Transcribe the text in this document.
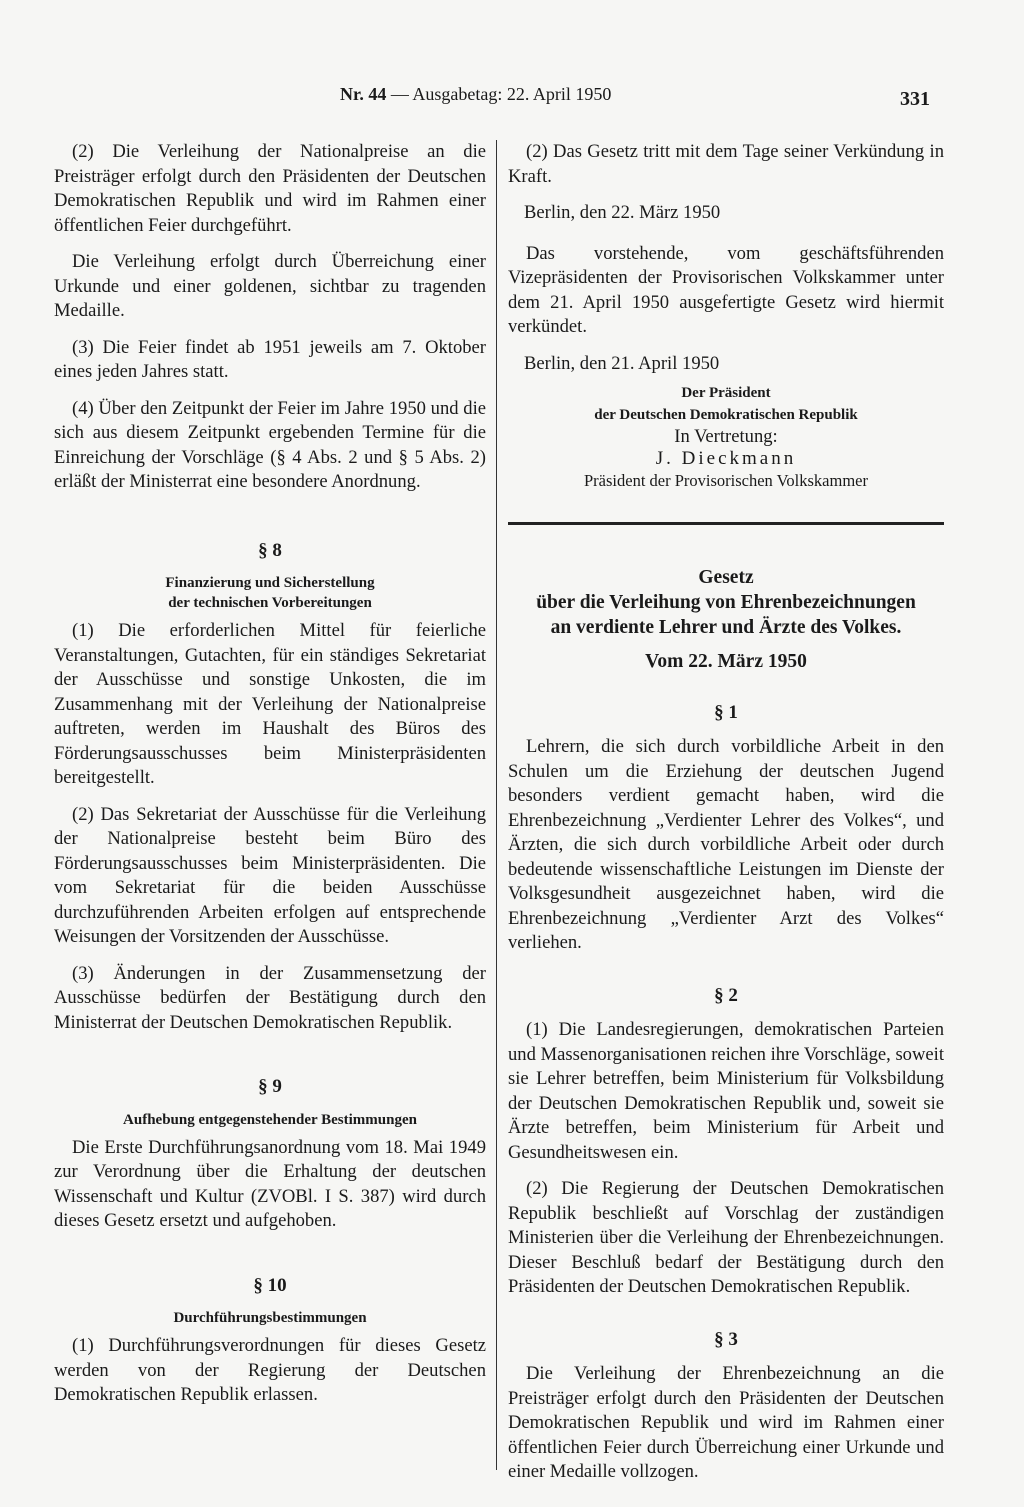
Nr. 44 — Ausgabetag: 22. April 1950	331

(2) Die Verleihung der Nationalpreise an die Preisträger erfolgt durch den Präsidenten der Deutschen Demokratischen Republik und wird im Rahmen einer öffentlichen Feier durchgeführt.

Die Verleihung erfolgt durch Überreichung einer Urkunde und einer goldenen, sichtbar zu tragenden Medaille.

(3) Die Feier findet ab 1951 jeweils am 7. Oktober eines jeden Jahres statt.

(4) Über den Zeitpunkt der Feier im Jahre 1950 und die sich aus diesem Zeitpunkt ergebenden Termine für die Einreichung der Vorschläge (§ 4 Abs. 2 und § 5 Abs. 2) erläßt der Ministerrat eine besondere Anordnung.

§ 8
Finanzierung und Sicherstellung
der technischen Vorbereitungen

(1) Die erforderlichen Mittel für feierliche Veranstaltungen, Gutachten, für ein ständiges Sekretariat der Ausschüsse und sonstige Unkosten, die im Zusammenhang mit der Verleihung der Nationalpreise auftreten, werden im Haushalt des Büros des Förderungsausschusses beim Ministerpräsidenten bereitgestellt.

(2) Das Sekretariat der Ausschüsse für die Verleihung der Nationalpreise besteht beim Büro des Förderungsausschusses beim Ministerpräsidenten. Die vom Sekretariat für die beiden Ausschüsse durchzuführenden Arbeiten erfolgen auf entsprechende Weisungen der Vorsitzenden der Ausschüsse.

(3) Änderungen in der Zusammensetzung der Ausschüsse bedürfen der Bestätigung durch den Ministerrat der Deutschen Demokratischen Republik.

§ 9
Aufhebung entgegenstehender Bestimmungen

Die Erste Durchführungsanordnung vom 18. Mai 1949 zur Verordnung über die Erhaltung der deutschen Wissenschaft und Kultur (ZVOBl. I S. 387) wird durch dieses Gesetz ersetzt und aufgehoben.

§ 10
Durchführungsbestimmungen

(1) Durchführungsverordnungen für dieses Gesetz werden von der Regierung der Deutschen Demokratischen Republik erlassen.

(2) Das Gesetz tritt mit dem Tage seiner Verkündung in Kraft.

Berlin, den 22. März 1950

Das vorstehende, vom geschäftsführenden Vizepräsidenten der Provisorischen Volkskammer unter dem 21. April 1950 ausgefertigte Gesetz wird hiermit verkündet.

Berlin, den 21. April 1950

Der Präsident
der Deutschen Demokratischen Republik
In Vertretung:
J. Dieckmann
Präsident der Provisorischen Volkskammer
Gesetz
über die Verleihung von Ehrenbezeichnungen
an verdiente Lehrer und Ärzte des Volkes.
Vom 22. März 1950
§ 1

Lehrern, die sich durch vorbildliche Arbeit in den Schulen um die Erziehung der deutschen Jugend besonders verdient gemacht haben, wird die Ehrenbezeichnung „Verdienter Lehrer des Volkes“, und Ärzten, die sich durch vorbildliche Arbeit oder durch bedeutende wissenschaftliche Leistungen im Dienste der Volksgesundheit ausgezeichnet haben, wird die Ehrenbezeichnung „Verdienter Arzt des Volkes“ verliehen.

§ 2

(1) Die Landesregierungen, demokratischen Parteien und Massenorganisationen reichen ihre Vorschläge, soweit sie Lehrer betreffen, beim Ministerium für Volksbildung der Deutschen Demokratischen Republik und, soweit sie Ärzte betreffen, beim Ministerium für Arbeit und Gesundheitswesen ein.

(2) Die Regierung der Deutschen Demokratischen Republik beschließt auf Vorschlag der zuständigen Ministerien über die Verleihung der Ehrenbezeichnungen. Dieser Beschluß bedarf der Bestätigung durch den Präsidenten der Deutschen Demokratischen Republik.

§ 3

Die Verleihung der Ehrenbezeichnung an die Preisträger erfolgt durch den Präsidenten der Deutschen Demokratischen Republik und wird im Rahmen einer öffentlichen Feier durch Überreichung einer Urkunde und einer Medaille vollzogen.
